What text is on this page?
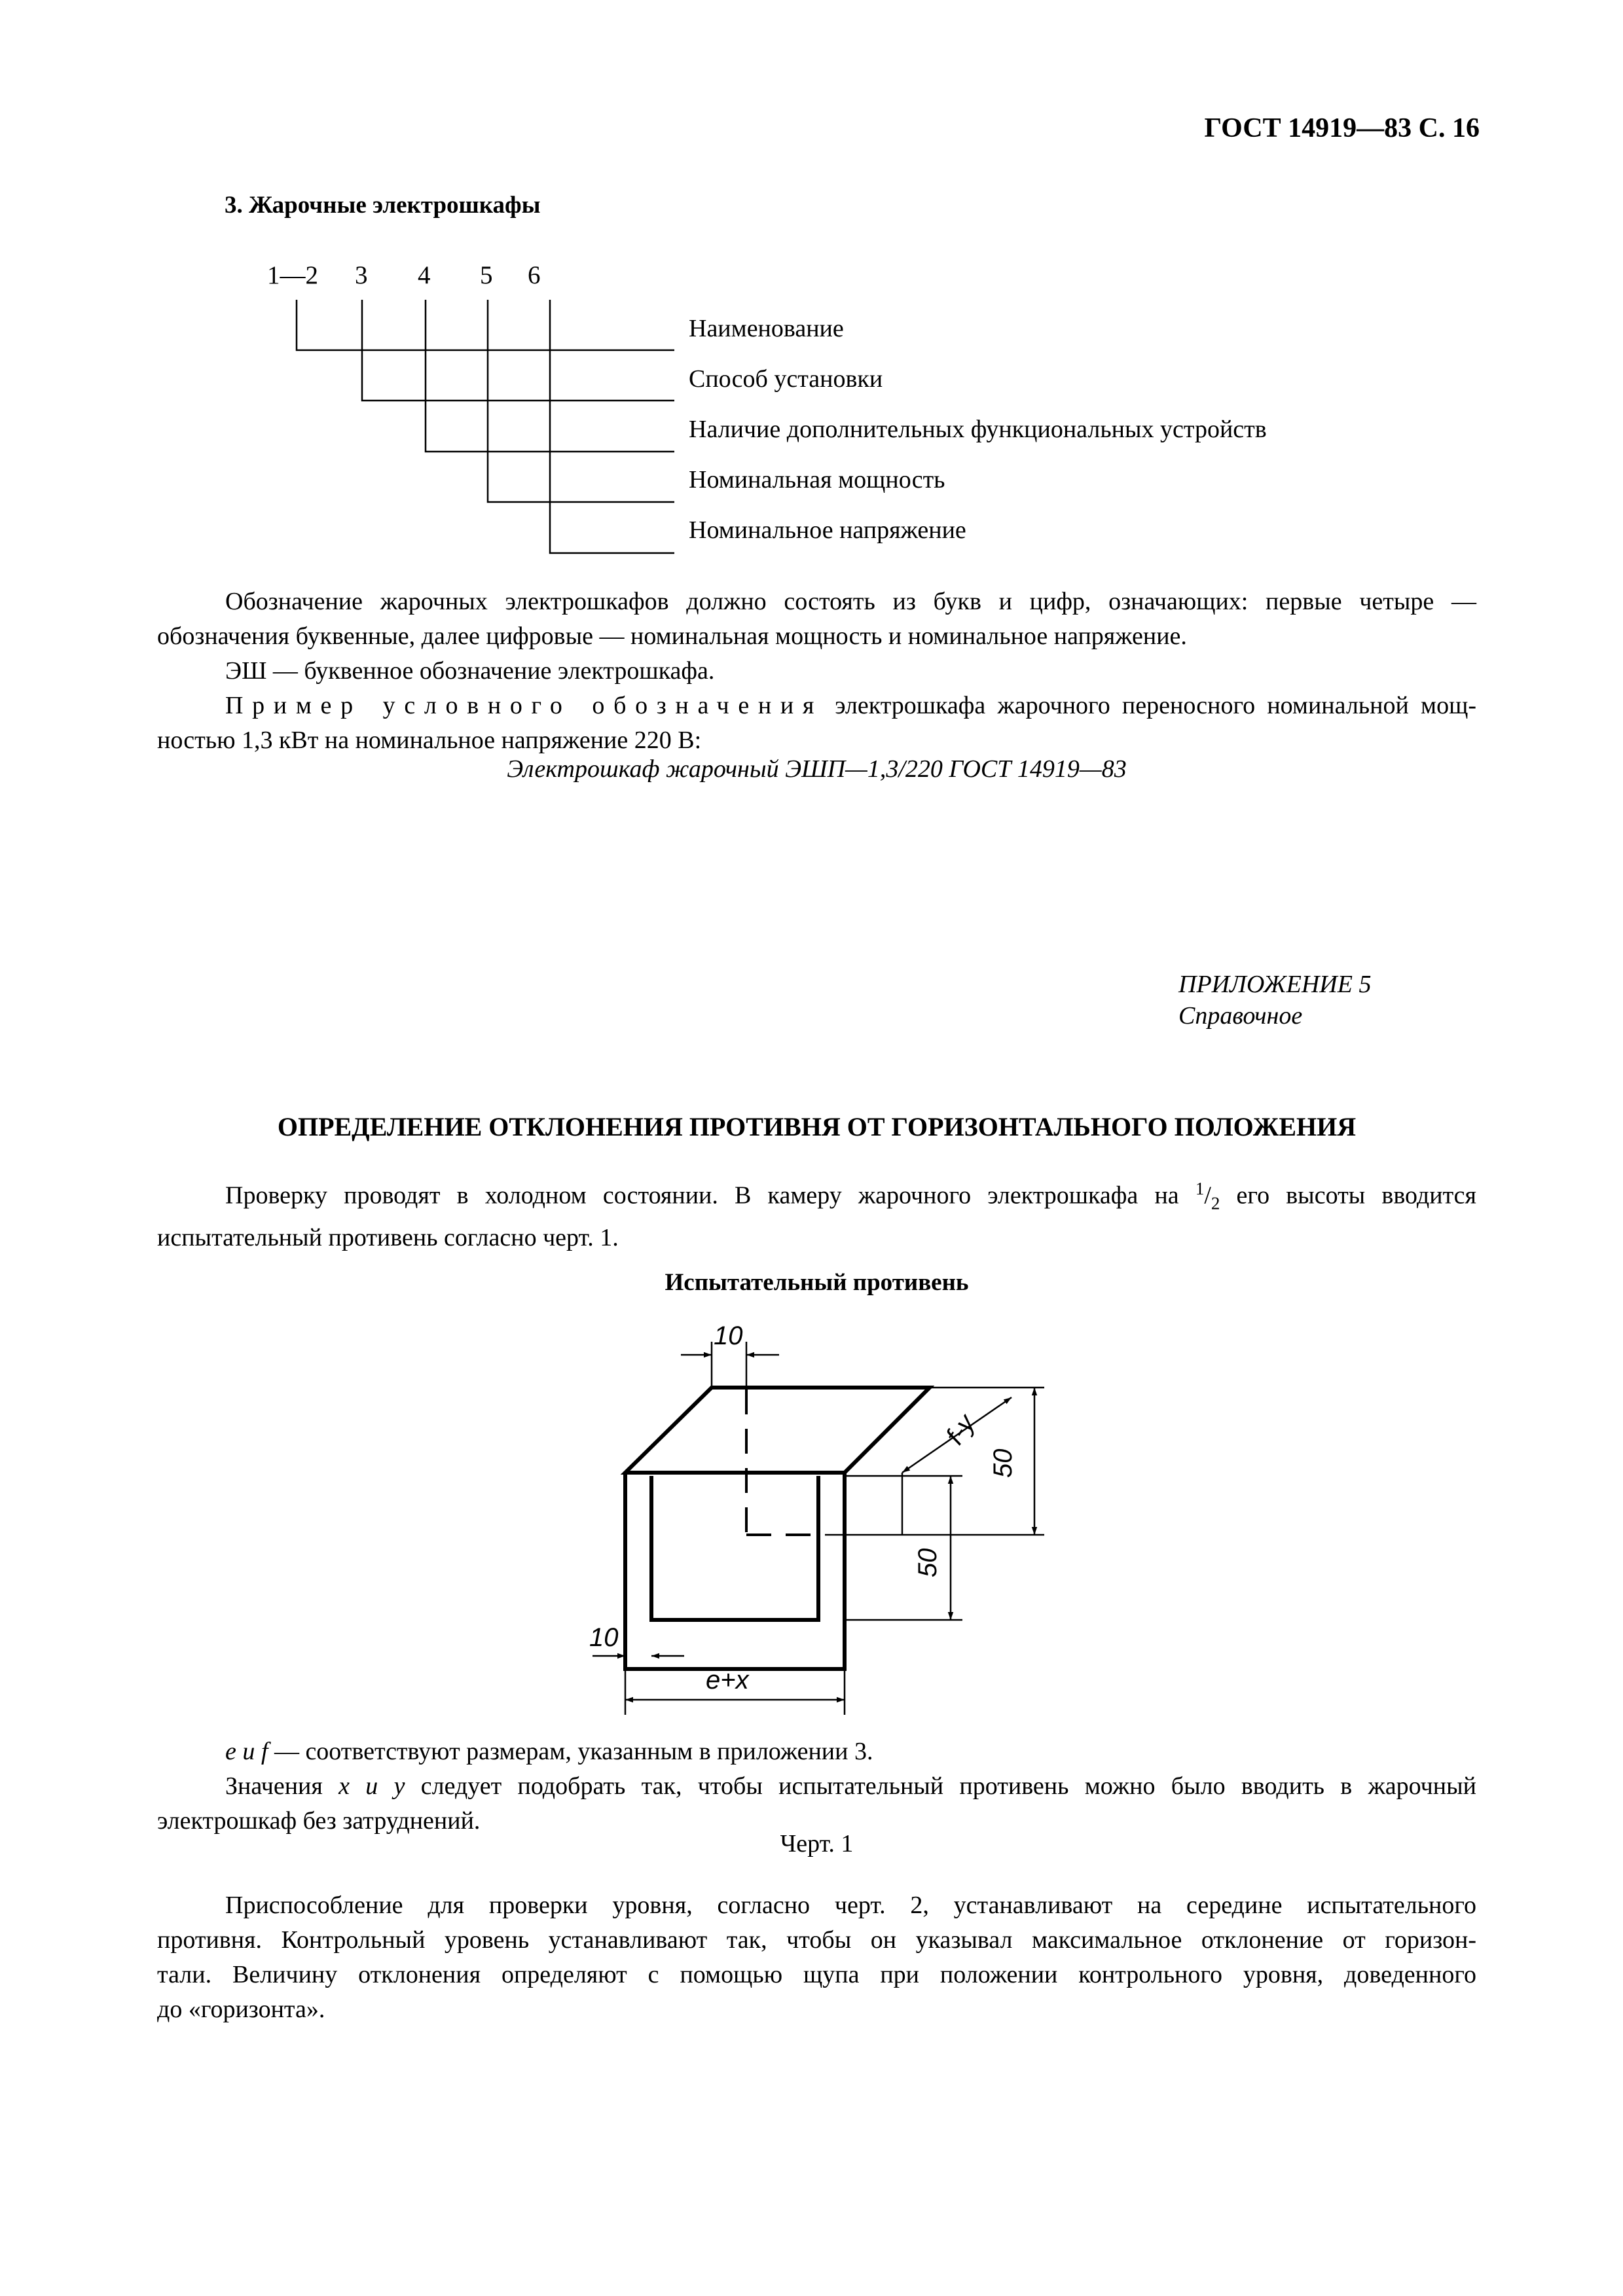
ГОСТ 14919—83 С. 16
3. Жарочные электрошкафы
1—2 3 4 5 6
Наименование
Способ установки
Наличие дополнительных функциональных устройств
Номинальная мощность
Номинальное напряжение

Обозначение жарочных электрошкафов должно состоять из букв и цифр, означающих: первые четыре —

обозначения буквенные, далее цифровые — номинальная мощность и номинальное напряжение.

ЭШ — буквенное обозначение электрошкафа.

Пример условного обозначения электрошкафа жарочного переносного номинальной мощ-

ностью 1,3 кВт на номинальное напряжение 220 В:

Электрошкаф жарочный ЭШП—1,3/220 ГОСТ 14919—83
ПРИЛОЖЕНИЕ 5
Справочное
ОПРЕДЕЛЕНИЕ ОТКЛОНЕНИЯ ПРОТИВНЯ ОТ ГОРИЗОНТАЛЬНОГО ПОЛОЖЕНИЯ

Проверку проводят в холодном состоянии. В камеру жарочного электрошкафа на $^1/_2$ его высоты вводится

испытательный противень согласно черт. 1.

Испытательный противень
10
f-y
50
50
10
e+x

е и f — соответствуют размерам, указанным в приложении 3.

Значения x и y следует подобрать так, чтобы испытательный противень можно было вводить в жарочный

электрошкаф без затруднений.

Черт. 1

Приспособление для проверки уровня, согласно черт. 2, устанавливают на середине испытательного

противня. Контрольный уровень устанавливают так, чтобы он указывал максимальное отклонение от горизон-

тали. Величину отклонения определяют с помощью щупа при положении контрольного уровня, доведенного

до «горизонта».
